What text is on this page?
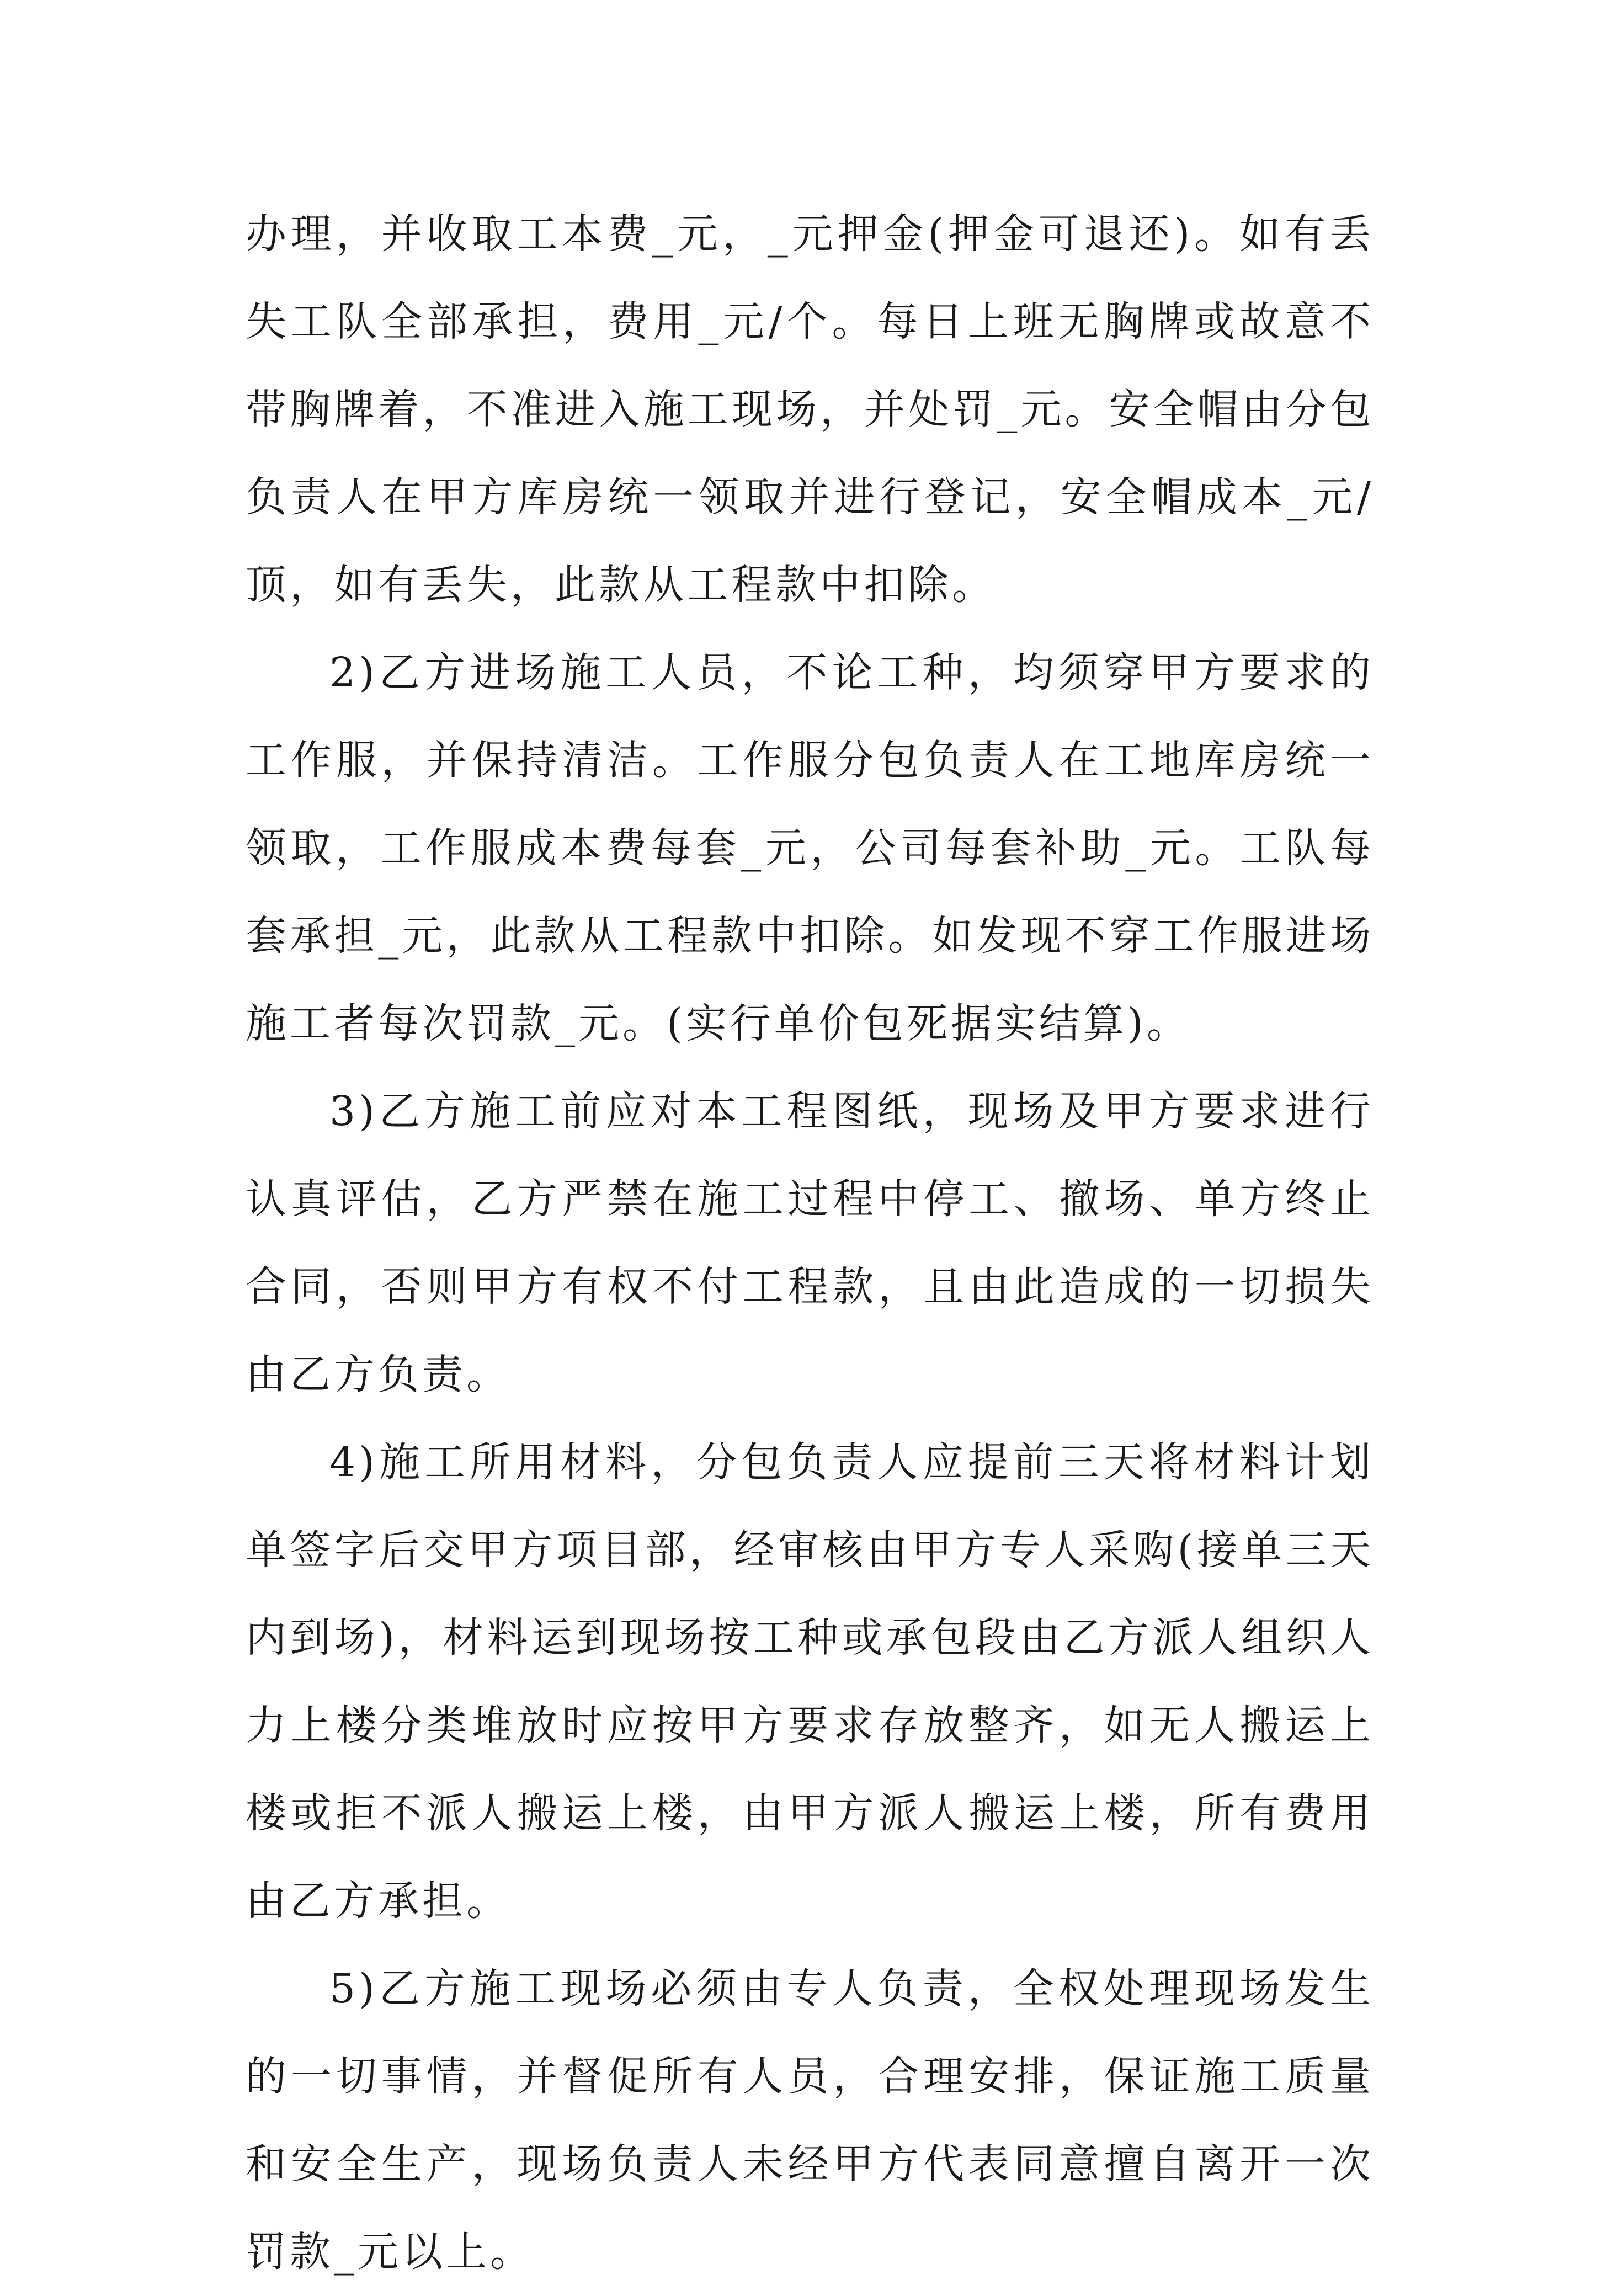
办理，并收取工本费_元，_元押金(押金可退还)。如有丢失工队全部承担，费用_元/个。每日上班无胸牌或故意不带胸牌着，不准进入施工现场，并处罚_元。安全帽由分包负责人在甲方库房统一领取并进行登记，安全帽成本_元/顶，如有丢失，此款从工程款中扣除。

2)乙方进场施工人员，不论工种，均须穿甲方要求的工作服，并保持清洁。工作服分包负责人在工地库房统一领取，工作服成本费每套_元，公司每套补助_元。工队每套承担_元，此款从工程款中扣除。如发现不穿工作服进场施工者每次罚款_元。(实行单价包死据实结算)。

3)乙方施工前应对本工程图纸，现场及甲方要求进行认真评估，乙方严禁在施工过程中停工、撤场、单方终止合同，否则甲方有权不付工程款，且由此造成的一切损失由乙方负责。

4)施工所用材料，分包负责人应提前三天将材料计划单签字后交甲方项目部，经审核由甲方专人采购(接单三天内到场)，材料运到现场按工种或承包段由乙方派人组织人力上楼分类堆放时应按甲方要求存放整齐，如无人搬运上楼或拒不派人搬运上楼，由甲方派人搬运上楼，所有费用由乙方承担。

5)乙方施工现场必须由专人负责，全权处理现场发生的一切事情，并督促所有人员，合理安排，保证施工质量和安全生产，现场负责人未经甲方代表同意擅自离开一次罚款_元以上。
